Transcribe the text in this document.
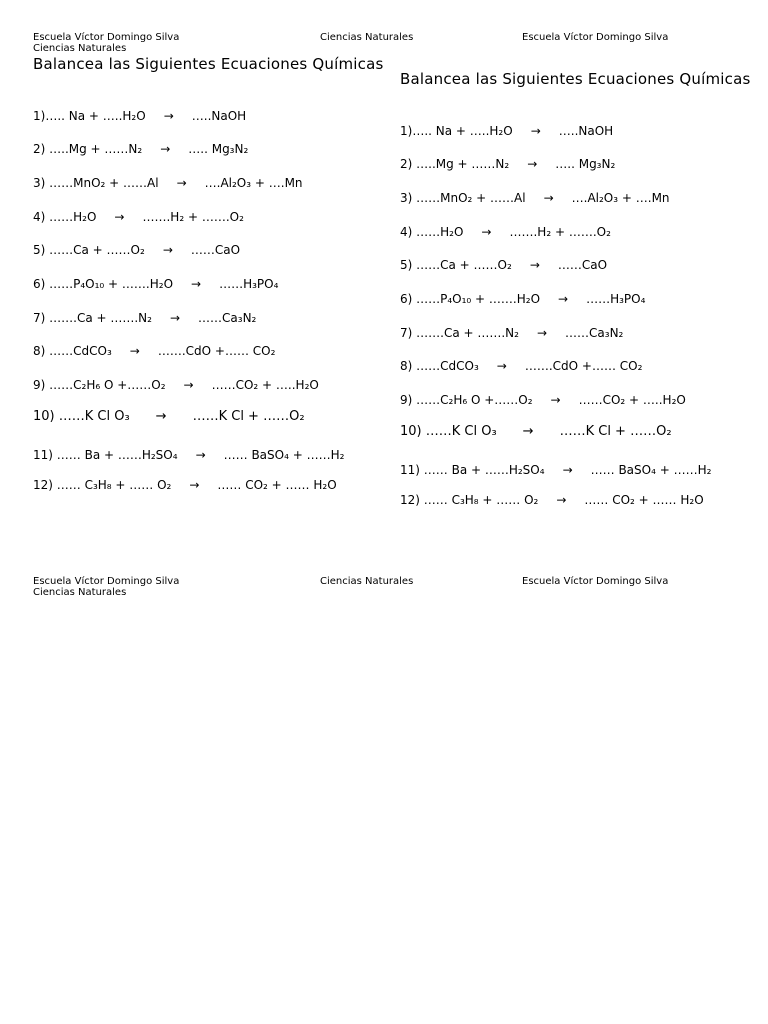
Escuela Víctor Domingo Silva
Ciencias Naturales
Ciencias Naturales	Escuela Víctor Domingo Silva
Balancea las Siguientes Ecuaciones Químicas
1)….. Na + …..H₂O → …..NaOH
2) …..Mg + ……N₂ → ….. Mg₃N₂
3) ……MnO₂ + ……Al → ….Al₂O₃ + ….Mn
4) ……H₂O → …….H₂ + …….O₂
5) ……Ca + ……O₂ → ……CaO
6) ……P₄O₁₀ + …….H₂O → ……H₃PO₄
7) …….Ca + …….N₂ → ……Ca₃N₂
8) ……CdCO₃ → …….CdO +…… CO₂
9) ……C₂H₆ O +……O₂ → ……CO₂ + …..H₂O
10) ……K Cl O₃ → ……K Cl + ……O₂
11) …… Ba + ……H₂SO₄ → …… BaSO₄ + ……H₂
12) …… C₃H₈ + …… O₂ → …… CO₂ + …… H₂O
Balancea las Siguientes Ecuaciones Químicas
1)….. Na + …..H₂O → …..NaOH
2) …..Mg + ……N₂ → ….. Mg₃N₂
3) ……MnO₂ + ……Al → ….Al₂O₃ + ….Mn
4) ……H₂O → …….H₂ + …….O₂
5) ……Ca + ……O₂ → ……CaO
6) ……P₄O₁₀ + …….H₂O → ……H₃PO₄
7) …….Ca + …….N₂ → ……Ca₃N₂
8) ……CdCO₃ → …….CdO +…… CO₂
9) ……C₂H₆ O +……O₂ → ……CO₂ + …..H₂O
10) ……K Cl O₃ → ……K Cl + ……O₂
11) …… Ba + ……H₂SO₄ → …… BaSO₄ + ……H₂
12) …… C₃H₈ + …… O₂ → …… CO₂ + …… H₂O
Escuela Víctor Domingo Silva
Ciencias Naturales
Ciencias Naturales	Escuela Víctor Domingo Silva
